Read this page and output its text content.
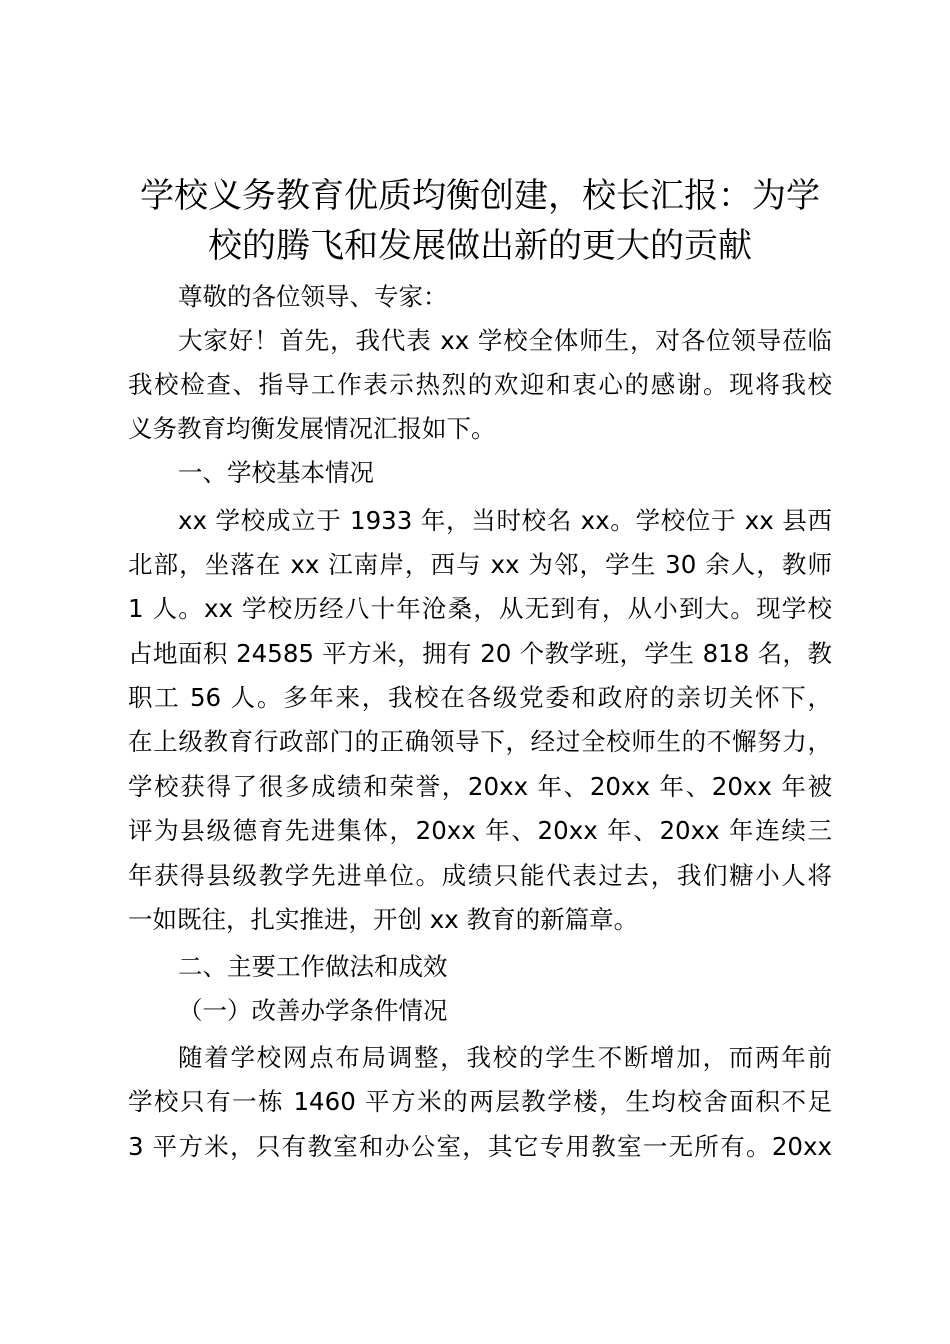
学校义务教育优质均衡创建，校长汇报：为学
校的腾飞和发展做出新的更大的贡献
尊敬的各位领导、专家：
大家好！首先，我代表 xx 学校全体师生，对各位领导莅临
我校检查、指导工作表示热烈的欢迎和衷心的感谢。现将我校
义务教育均衡发展情况汇报如下。
一、学校基本情况
xx 学校成立于 1933 年，当时校名 xx。学校位于 xx 县西
北部，坐落在 xx 江南岸，西与 xx 为邻，学生 30 余人，教师
1 人。xx 学校历经八十年沧桑，从无到有，从小到大。现学校
占地面积 24585 平方米，拥有 20 个教学班，学生 818 名，教
职工 56 人。多年来，我校在各级党委和政府的亲切关怀下，
在上级教育行政部门的正确领导下，经过全校师生的不懈努力，
学校获得了很多成绩和荣誉，20xx 年、20xx 年、20xx 年被
评为县级德育先进集体，20xx 年、20xx 年、20xx 年连续三
年获得县级教学先进单位。成绩只能代表过去，我们糖小人将
一如既往，扎实推进，开创 xx 教育的新篇章。
二、主要工作做法和成效
（一）改善办学条件情况
随着学校网点布局调整，我校的学生不断增加，而两年前
学校只有一栋 1460 平方米的两层教学楼，生均校舍面积不足
3 平方米，只有教室和办公室，其它专用教室一无所有。20xx
